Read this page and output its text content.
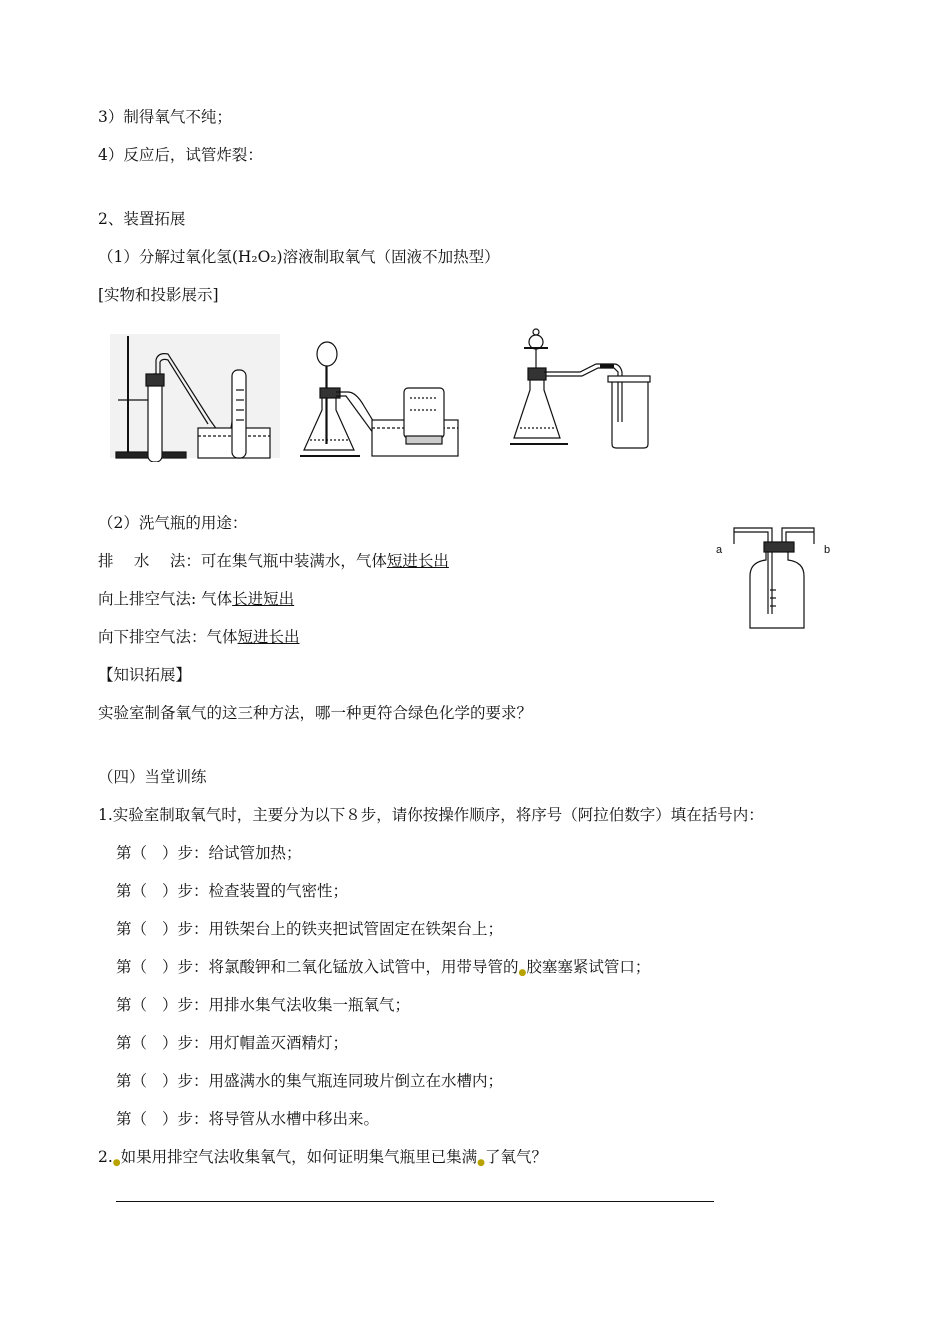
3）制得氧气不纯；
4）反应后，试管炸裂：
2、装置拓展
（1）分解过氧化氢(H₂O₂)溶液制取氧气（固液不加热型）
[实物和投影展示]
（2）洗气瓶的用途：
排　 水　 法：可在集气瓶中装满水，气体短进长出
向上排空气法: 气体长进短出
向下排空气法：气体短进长出
a	b
【知识拓展】
实验室制备氧气的这三种方法，哪一种更符合绿色化学的要求？
（四）当堂训练
1.实验室制取氧气时，主要分为以下８步，请你按操作顺序，将序号（阿拉伯数字）填在括号内：
第（ ）步：给试管加热；
第（ ）步：检查装置的气密性；
第（ ）步：用铁架台上的铁夹把试管固定在铁架台上；
第（ ）步：将氯酸钾和二氧化锰放入试管中，用带导管的●胶塞塞紧试管口；
第（ ）步：用排水集气法收集一瓶氧气；
第（ ）步：用灯帽盖灭酒精灯；
第（ ）步：用盛满水的集气瓶连同玻片倒立在水槽内；
第（ ）步：将导管从水槽中移出来。
2.●如果用排空气法收集氧气，如何证明集气瓶里已集满●了氧气？
